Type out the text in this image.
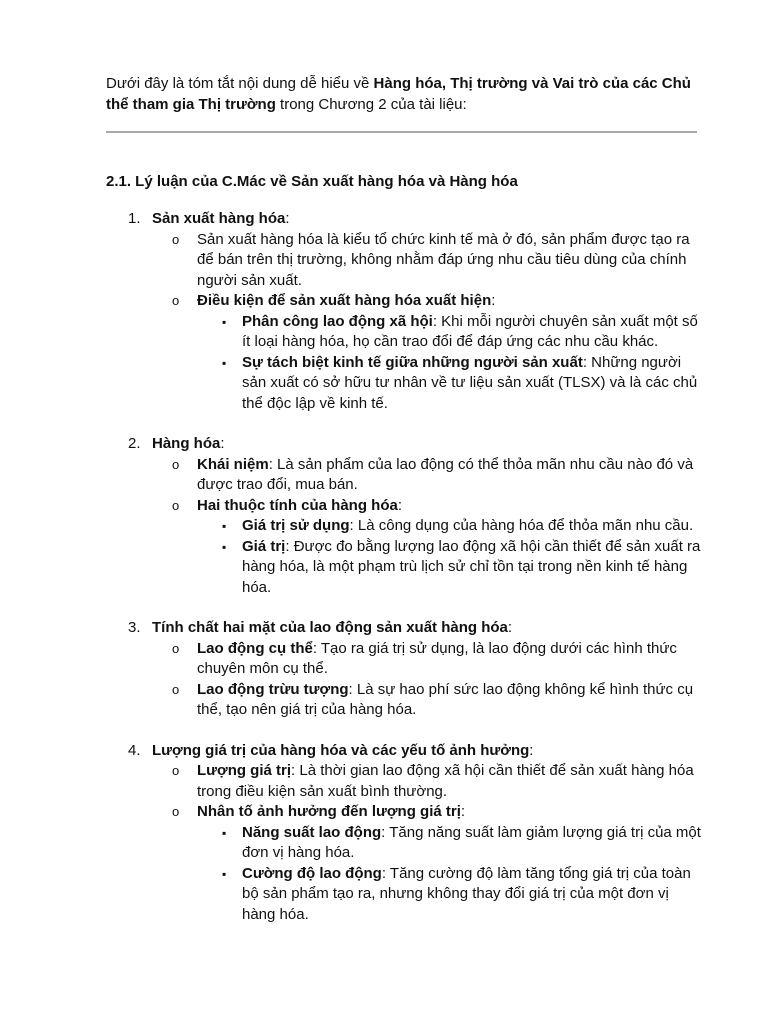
Dưới đây là tóm tắt nội dung dễ hiểu về Hàng hóa, Thị trường và Vai trò của các Chủ thể tham gia Thị trường trong Chương 2 của tài liệu:

2.1. Lý luận của C.Mác về Sản xuất hàng hóa và Hàng hóa
1. Sản xuất hàng hóa:
o Sản xuất hàng hóa là kiểu tổ chức kinh tế mà ở đó, sản phẩm được tạo ra để bán trên thị trường, không nhằm đáp ứng nhu cầu tiêu dùng của chính người sản xuất.
o Điều kiện để sản xuất hàng hóa xuất hiện:
▪ Phân công lao động xã hội: Khi mỗi người chuyên sản xuất một số ít loại hàng hóa, họ cần trao đổi để đáp ứng các nhu cầu khác.
▪ Sự tách biệt kinh tế giữa những người sản xuất: Những người sản xuất có sở hữu tư nhân về tư liệu sản xuất (TLSX) và là các chủ thể độc lập về kinh tế.
2. Hàng hóa:
o Khái niệm: Là sản phẩm của lao động có thể thỏa mãn nhu cầu nào đó và được trao đổi, mua bán.
o Hai thuộc tính của hàng hóa:
▪ Giá trị sử dụng: Là công dụng của hàng hóa để thỏa mãn nhu cầu.
▪ Giá trị: Được đo bằng lượng lao động xã hội cần thiết để sản xuất ra hàng hóa, là một phạm trù lịch sử chỉ tồn tại trong nền kinh tế hàng hóa.
3. Tính chất hai mặt của lao động sản xuất hàng hóa:
o Lao động cụ thể: Tạo ra giá trị sử dụng, là lao động dưới các hình thức chuyên môn cụ thể.
o Lao động trừu tượng: Là sự hao phí sức lao động không kể hình thức cụ thể, tạo nên giá trị của hàng hóa.
4. Lượng giá trị của hàng hóa và các yếu tố ảnh hưởng:
o Lượng giá trị: Là thời gian lao động xã hội cần thiết để sản xuất hàng hóa trong điều kiện sản xuất bình thường.
o Nhân tố ảnh hưởng đến lượng giá trị:
▪ Năng suất lao động: Tăng năng suất làm giảm lượng giá trị của một đơn vị hàng hóa.
▪ Cường độ lao động: Tăng cường độ làm tăng tổng giá trị của toàn bộ sản phẩm tạo ra, nhưng không thay đổi giá trị của một đơn vị hàng hóa.
